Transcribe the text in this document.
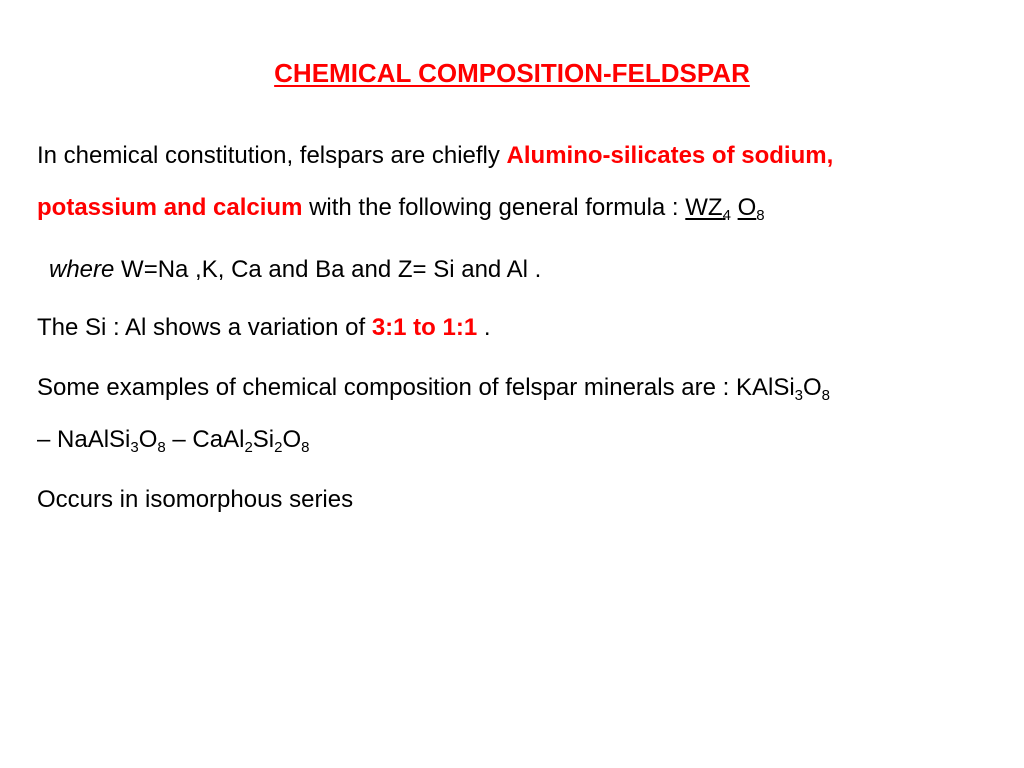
CHEMICAL COMPOSITION-FELDSPAR
In chemical constitution, felspars are chiefly Alumino-silicates of sodium,
potassium and calcium with the following general formula : $WZ_4$ $O_8$
where W=Na ,K, Ca and Ba and Z= Si and Al .
The Si : Al shows a variation of 3:1 to 1:1 .
Some examples of chemical composition of felspar minerals are : $KAlSi_3O_8$
– $NaAlSi_3O_8$ – $CaAl_2Si_2O_8$
Occurs in isomorphous series
